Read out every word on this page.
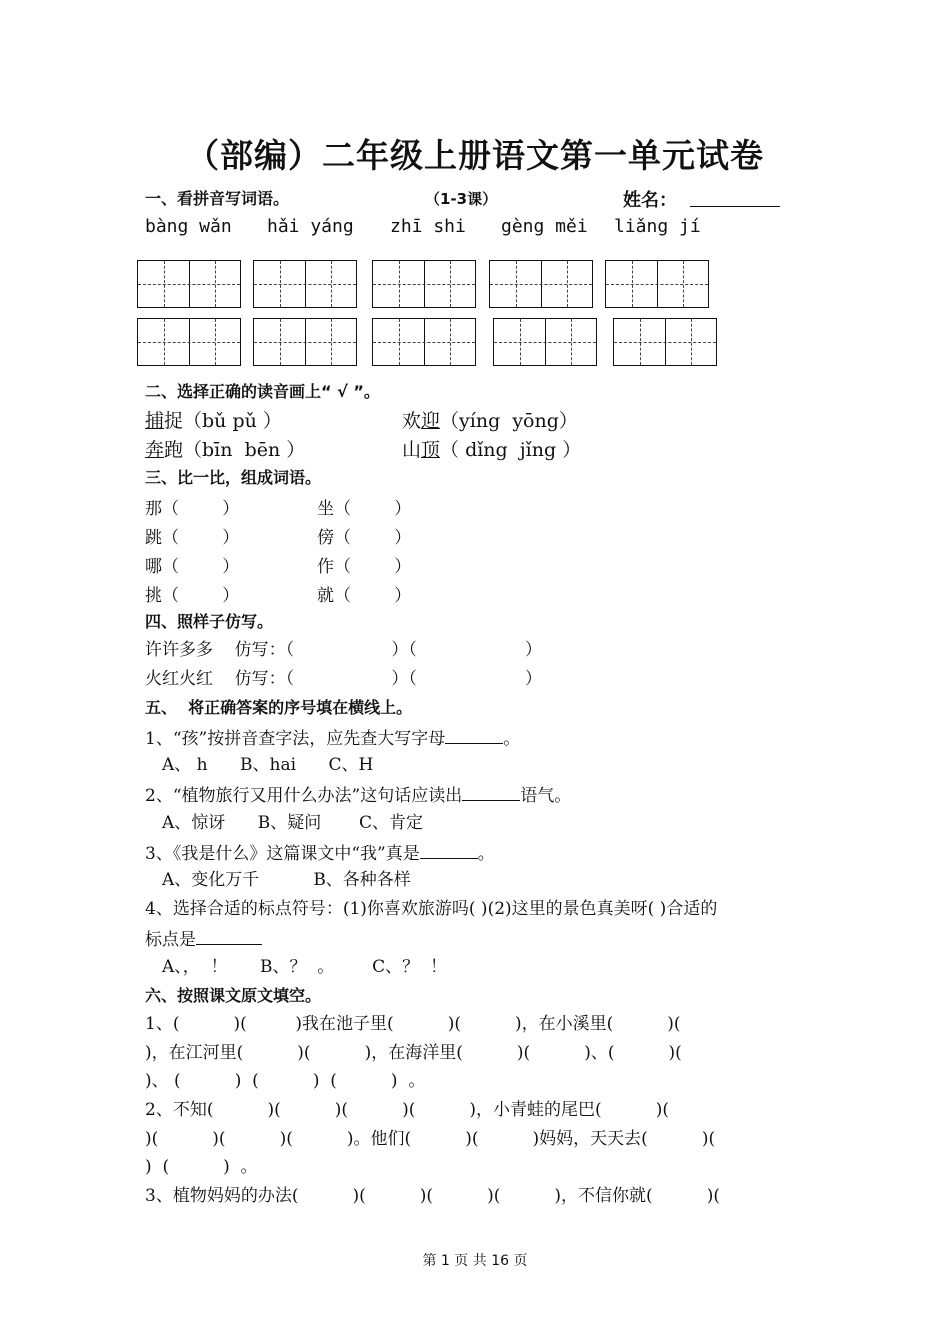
（部编）二年级上册语文第一单元试卷
一、看拼音写词语。	（1-3课）	姓名：
bàng wǎn hǎi yáng zhī shi gèng měi liǎng jí
二、选择正确的读音画上“ √ ”。
捕捉（bǔ pǔ ）	欢迎（yíng  yōng）
奔跑（bīn  bēn ）	山顶（ dǐng  jǐng ）
三、比一比，组成词语。
那（        ）	坐（        ）
跳（        ）	傍（        ）
哪（        ）	作（        ）
挑（        ）	就（        ）
四、照样子仿写。
许许多多    仿写：（                  ）（                    ）
火红火红    仿写：（                  ）（                    ）
五、  将正确答案的序号填在横线上。
1、“孩”按拼音查字法，应先查大写字母	。
A、 h      B、hai      C、H
2、“植物旅行又用什么办法”这句话应读出	语气。
A、惊讶      B、疑问       C、肯定
3、《我是什么》这篇课文中“我”真是	。
A、变化万千          B、各种各样
4、选择合适的标点符号：(1)你喜欢旅游吗( )(2)这里的景色真美呀( )合适的
标点是
A、，  ！      B、？  。       C、？  ！
六、按照课文原文填空。
1、(          )(         )我在池子里(          )(          )，在小溪里(          )(
)，在江河里(          )(          )，在海洋里(          )(          )、(          )(
)、 (          )  (          )  (          )  。
2、不知(          )(          )(          )(          )，小青蛙的尾巴(          )(
)(          )(          )(          )。他们(          )(          )妈妈，天天去(          )(
)  (          )  。
3、植物妈妈的办法(          )(          )(          )(          )，不信你就(          )(
第 1 页 共 16 页
